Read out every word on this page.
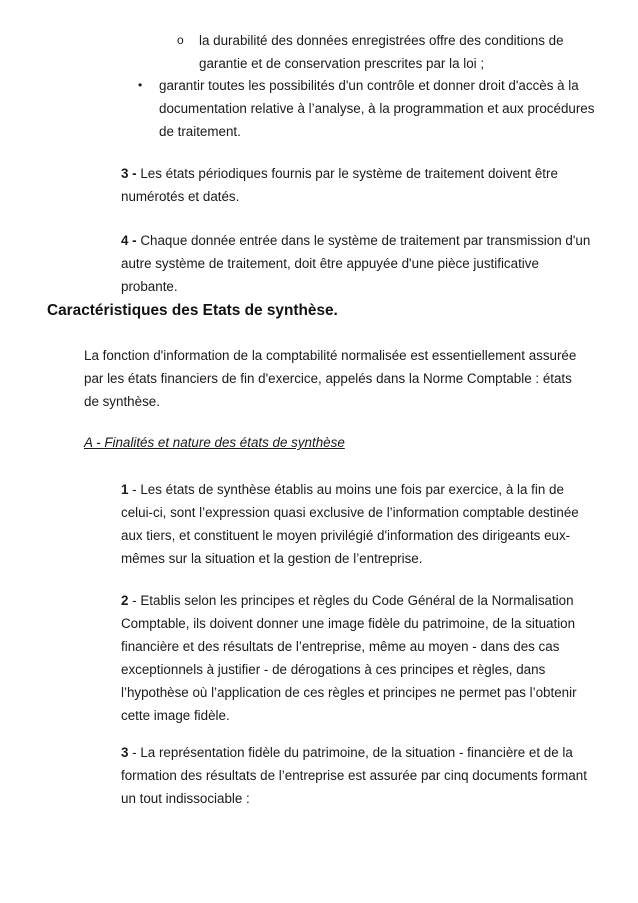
o la durabilité des données enregistrées offre des conditions de garantie et de conservation prescrites par la loi ;

• garantir toutes les possibilités d'un contrôle et donner droit d'accès à la documentation relative à l’analyse, à la programmation et aux procédures de traitement.

3 - Les états périodiques fournis par le système de traitement doivent être numérotés et datés.

4 - Chaque donnée entrée dans le système de traitement par transmission d'un autre système de traitement, doit être appuyée d'une pièce justificative probante.

Caractéristiques des Etats de synthèse.

La fonction d'information de la comptabilité normalisée est essentiellement assurée par les états financiers de fin d'exercice, appelés dans la Norme Comptable : états de synthèse.

A - Finalités et nature des états de synthèse

1 - Les états de synthèse établis au moins une fois par exercice, à la fin de celui-ci, sont l’expression quasi exclusive de l’information comptable destinée aux tiers, et constituent le moyen privilégié d'information des dirigeants eux-mêmes sur la situation et la gestion de l’entreprise.

2 - Etablis selon les principes et règles du Code Général de la Normalisation Comptable, ils doivent donner une image fidèle du patrimoine, de la situation financière et des résultats de l’entreprise, même au moyen - dans des cas exceptionnels à justifier - de dérogations à ces principes et règles, dans l’hypothèse où l’application de ces règles et principes ne permet pas l’obtenir cette image fidèle.

3 - La représentation fidèle du patrimoine, de la situation - financière et de la formation des résultats de l’entreprise est assurée par cinq documents formant un tout indissociable :
